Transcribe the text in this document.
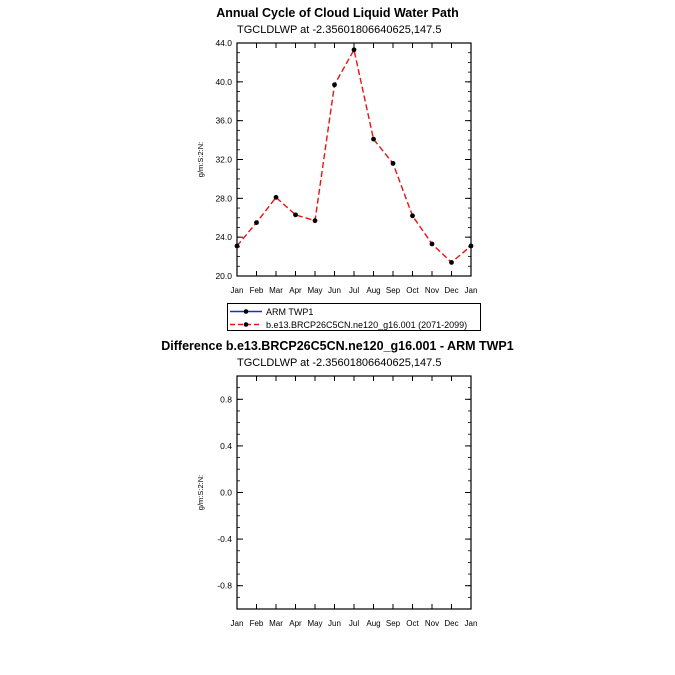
Annual Cycle of Cloud Liquid Water Path
TGCLDLWP at -2.35601806640625,147.5
ARM TWP1
b.e13.BRCP26C5CN.ne120_g16.001 (2071-2099)
Difference b.e13.BRCP26C5CN.ne120_g16.001 - ARM TWP1
TGCLDLWP at -2.35601806640625,147.5
Jan Feb Mar Apr May Jun Jul Aug Sep Oct Nov Dec Jan
20.0
24.0
28.0
32.0
36.0
40.0
44.0
g/m:S:2:N:
Jan Feb Mar Apr May Jun Jul Aug Sep Oct Nov Dec Jan
-0.8
-0.4
0.0
0.4
0.8
g/m:S:2:N:
